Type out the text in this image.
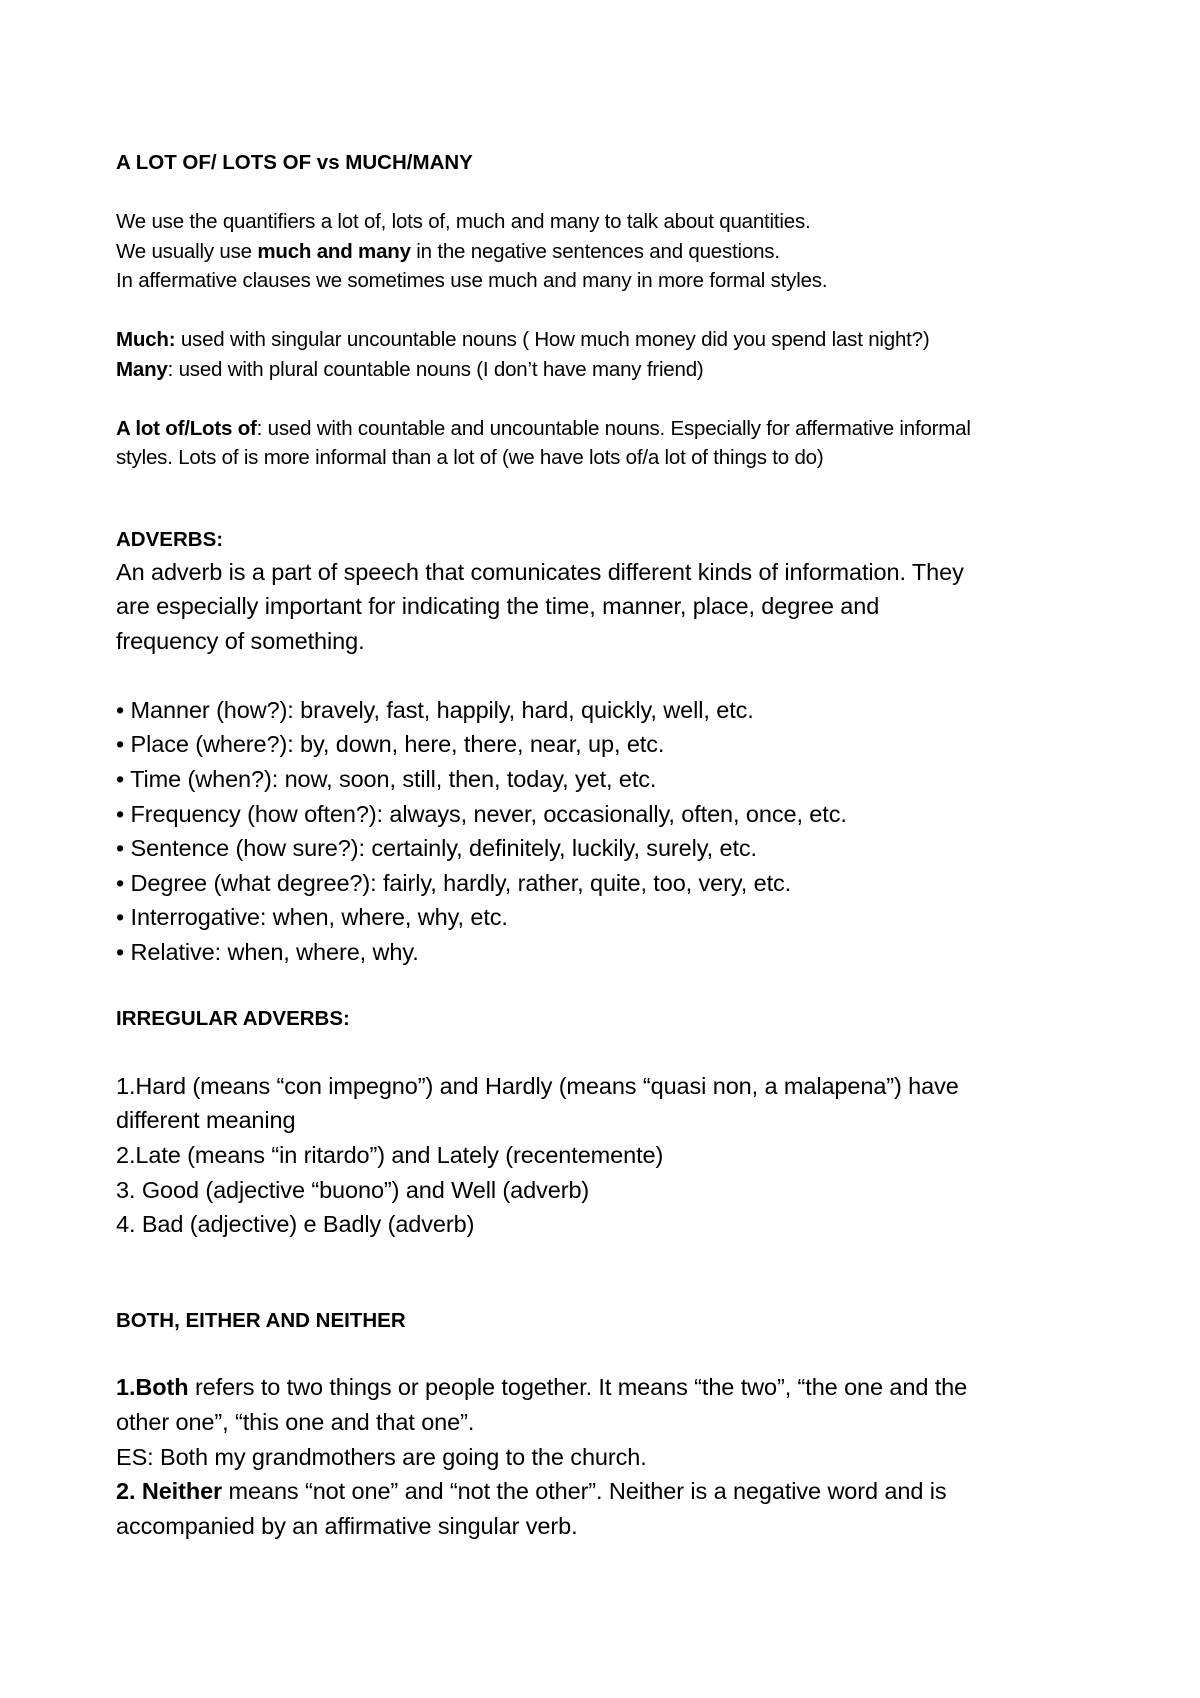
A LOT OF/ LOTS OF vs MUCH/MANY

We use the quantifiers a lot of, lots of, much and many to talk about quantities.

We usually use much and many in the negative sentences and questions.

In affermative clauses we sometimes use much and many in more formal styles.

Much: used with singular uncountable nouns ( How much money did you spend last night?)

Many: used with plural countable nouns (I don’t have many friend)

A lot of/Lots of: used with countable and uncountable nouns. Especially for affermative informal

styles. Lots of is more informal than a lot of (we have lots of/a lot of things to do)

ADVERBS:

An adverb is a part of speech that comunicates different kinds of information. They

are especially important for indicating the time, manner, place, degree and

frequency of something.

• Manner (how?): bravely, fast, happily, hard, quickly, well, etc.

• Place (where?): by, down, here, there, near, up, etc.

• Time (when?): now, soon, still, then, today, yet, etc.

• Frequency (how often?): always, never, occasionally, often, once, etc.

• Sentence (how sure?): certainly, definitely, luckily, surely, etc.

• Degree (what degree?): fairly, hardly, rather, quite, too, very, etc.

• Interrogative: when, where, why, etc.

• Relative: when, where, why.

IRREGULAR ADVERBS:

1.Hard (means “con impegno”) and Hardly (means “quasi non, a malapena”) have

different meaning

2.Late (means “in ritardo”) and Lately (recentemente)

3. Good (adjective “buono”) and Well (adverb)

4. Bad (adjective) e Badly (adverb)

BOTH, EITHER AND NEITHER

1.Both refers to two things or people together. It means “the two”, “the one and the

other one”, “this one and that one”.

ES: Both my grandmothers are going to the church.

2. Neither means “not one” and “not the other”. Neither is a negative word and is

accompanied by an affirmative singular verb.
